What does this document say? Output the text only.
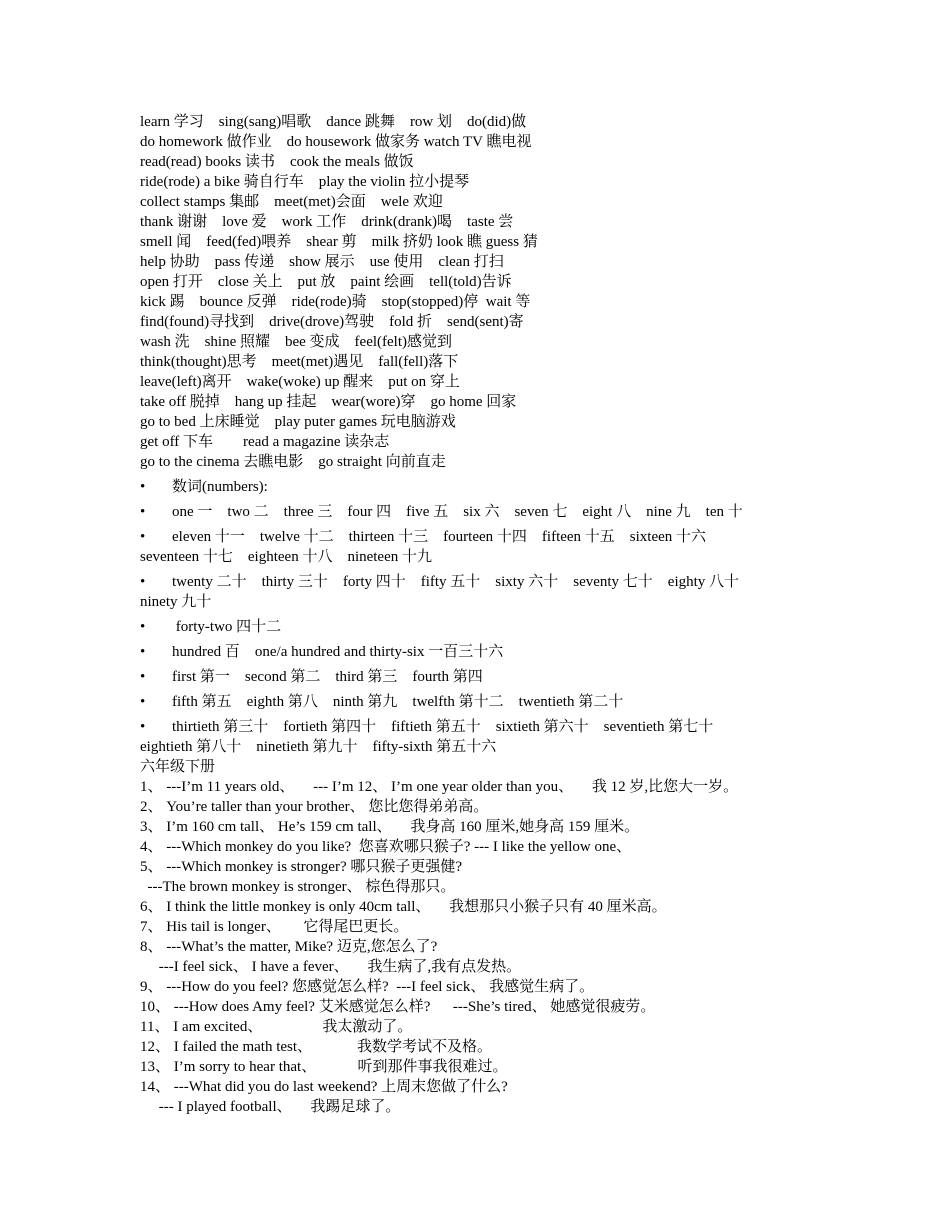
learn 学习    sing(sang)唱歌    dance 跳舞    row 划    do(did)做
do homework 做作业    do housework 做家务 watch TV 瞧电视
read(read) books 读书    cook the meals 做饭
ride(rode) a bike 骑自行车    play the violin 拉小提琴
collect stamps 集邮    meet(met)会面    wele 欢迎
thank 谢谢    love 爱    work 工作    drink(drank)喝    taste 尝
smell 闻    feed(fed)喂养    shear 剪    milk 挤奶 look 瞧 guess 猜
help 协助    pass 传递    show 展示    use 使用    clean 打扫
open 打开    close 关上    put 放    paint 绘画    tell(told)告诉
kick 踢    bounce 反弹    ride(rode)骑    stop(stopped)停  wait 等
find(found)寻找到    drive(drove)驾驶    fold 折    send(sent)寄
wash 洗    shine 照耀    bee 变成    feel(felt)感觉到
think(thought)思考    meet(met)遇见    fall(fell)落下
leave(left)离开    wake(woke) up 醒来    put on 穿上
take off 脱掉    hang up 挂起    wear(wore)穿    go home 回家
go to bed 上床睡觉    play puter games 玩电脑游戏
get off 下车        read a magazine 读杂志
go to the cinema 去瞧电影    go straight 向前直走
•	数词(numbers):
•	one 一    two 二    three 三    four 四    five 五    six 六    seven 七    eight 八    nine 九    ten 十
•	eleven 十一    twelve 十二    thirteen 十三    fourteen 十四    fifteen 十五    sixteen 十六
seventeen 十七    eighteen 十八    nineteen 十九
•	twenty 二十    thirty 三十    forty 四十    fifty 五十    sixty 六十    seventy 七十    eighty 八十
ninety 九十
•	forty-two 四十二
•	hundred 百    one/a hundred and thirty-six 一百三十六
•	first 第一    second 第二    third 第三    fourth 第四
•	fifth 第五    eighth 第八    ninth 第九    twelfth 第十二    twentieth 第二十
•	thirtieth 第三十    fortieth 第四十    fiftieth 第五十    sixtieth 第六十    seventieth 第七十
eightieth 第八十    ninetieth 第九十    fifty-sixth 第五十六
六年级下册
1、 ---I’m 11 years old、     --- I’m 12、 I’m one year older than you、     我 12 岁,比您大一岁。
2、 You’re taller than your brother、 您比您得弟弟高。
3、 I’m 160 cm tall、 He’s 159 cm tall、     我身高 160 厘米,她身高 159 厘米。
4、 ---Which monkey do you like?  您喜欢哪只猴子? --- I like the yellow one、
5、 ---Which monkey is stronger? 哪只猴子更强健?
---The brown monkey is stronger、 棕色得那只。
6、 I think the little monkey is only 40cm tall、     我想那只小猴子只有 40 厘米高。
7、 His tail is longer、      它得尾巴更长。
8、 ---What’s the matter, Mike? 迈克,您怎么了?
---I feel sick、 I have a fever、     我生病了,我有点发热。
9、 ---How do you feel? 您感觉怎么样?  ---I feel sick、 我感觉生病了。
10、 ---How does Amy feel? 艾米感觉怎么样?      ---She’s tired、 她感觉很疲劳。
11、 I am excited、                我太激动了。
12、 I failed the math test、            我数学考试不及格。
13、 I’m sorry to hear that、           听到那件事我很难过。
14、 ---What did you do last weekend? 上周末您做了什么?
--- I played football、     我踢足球了。
